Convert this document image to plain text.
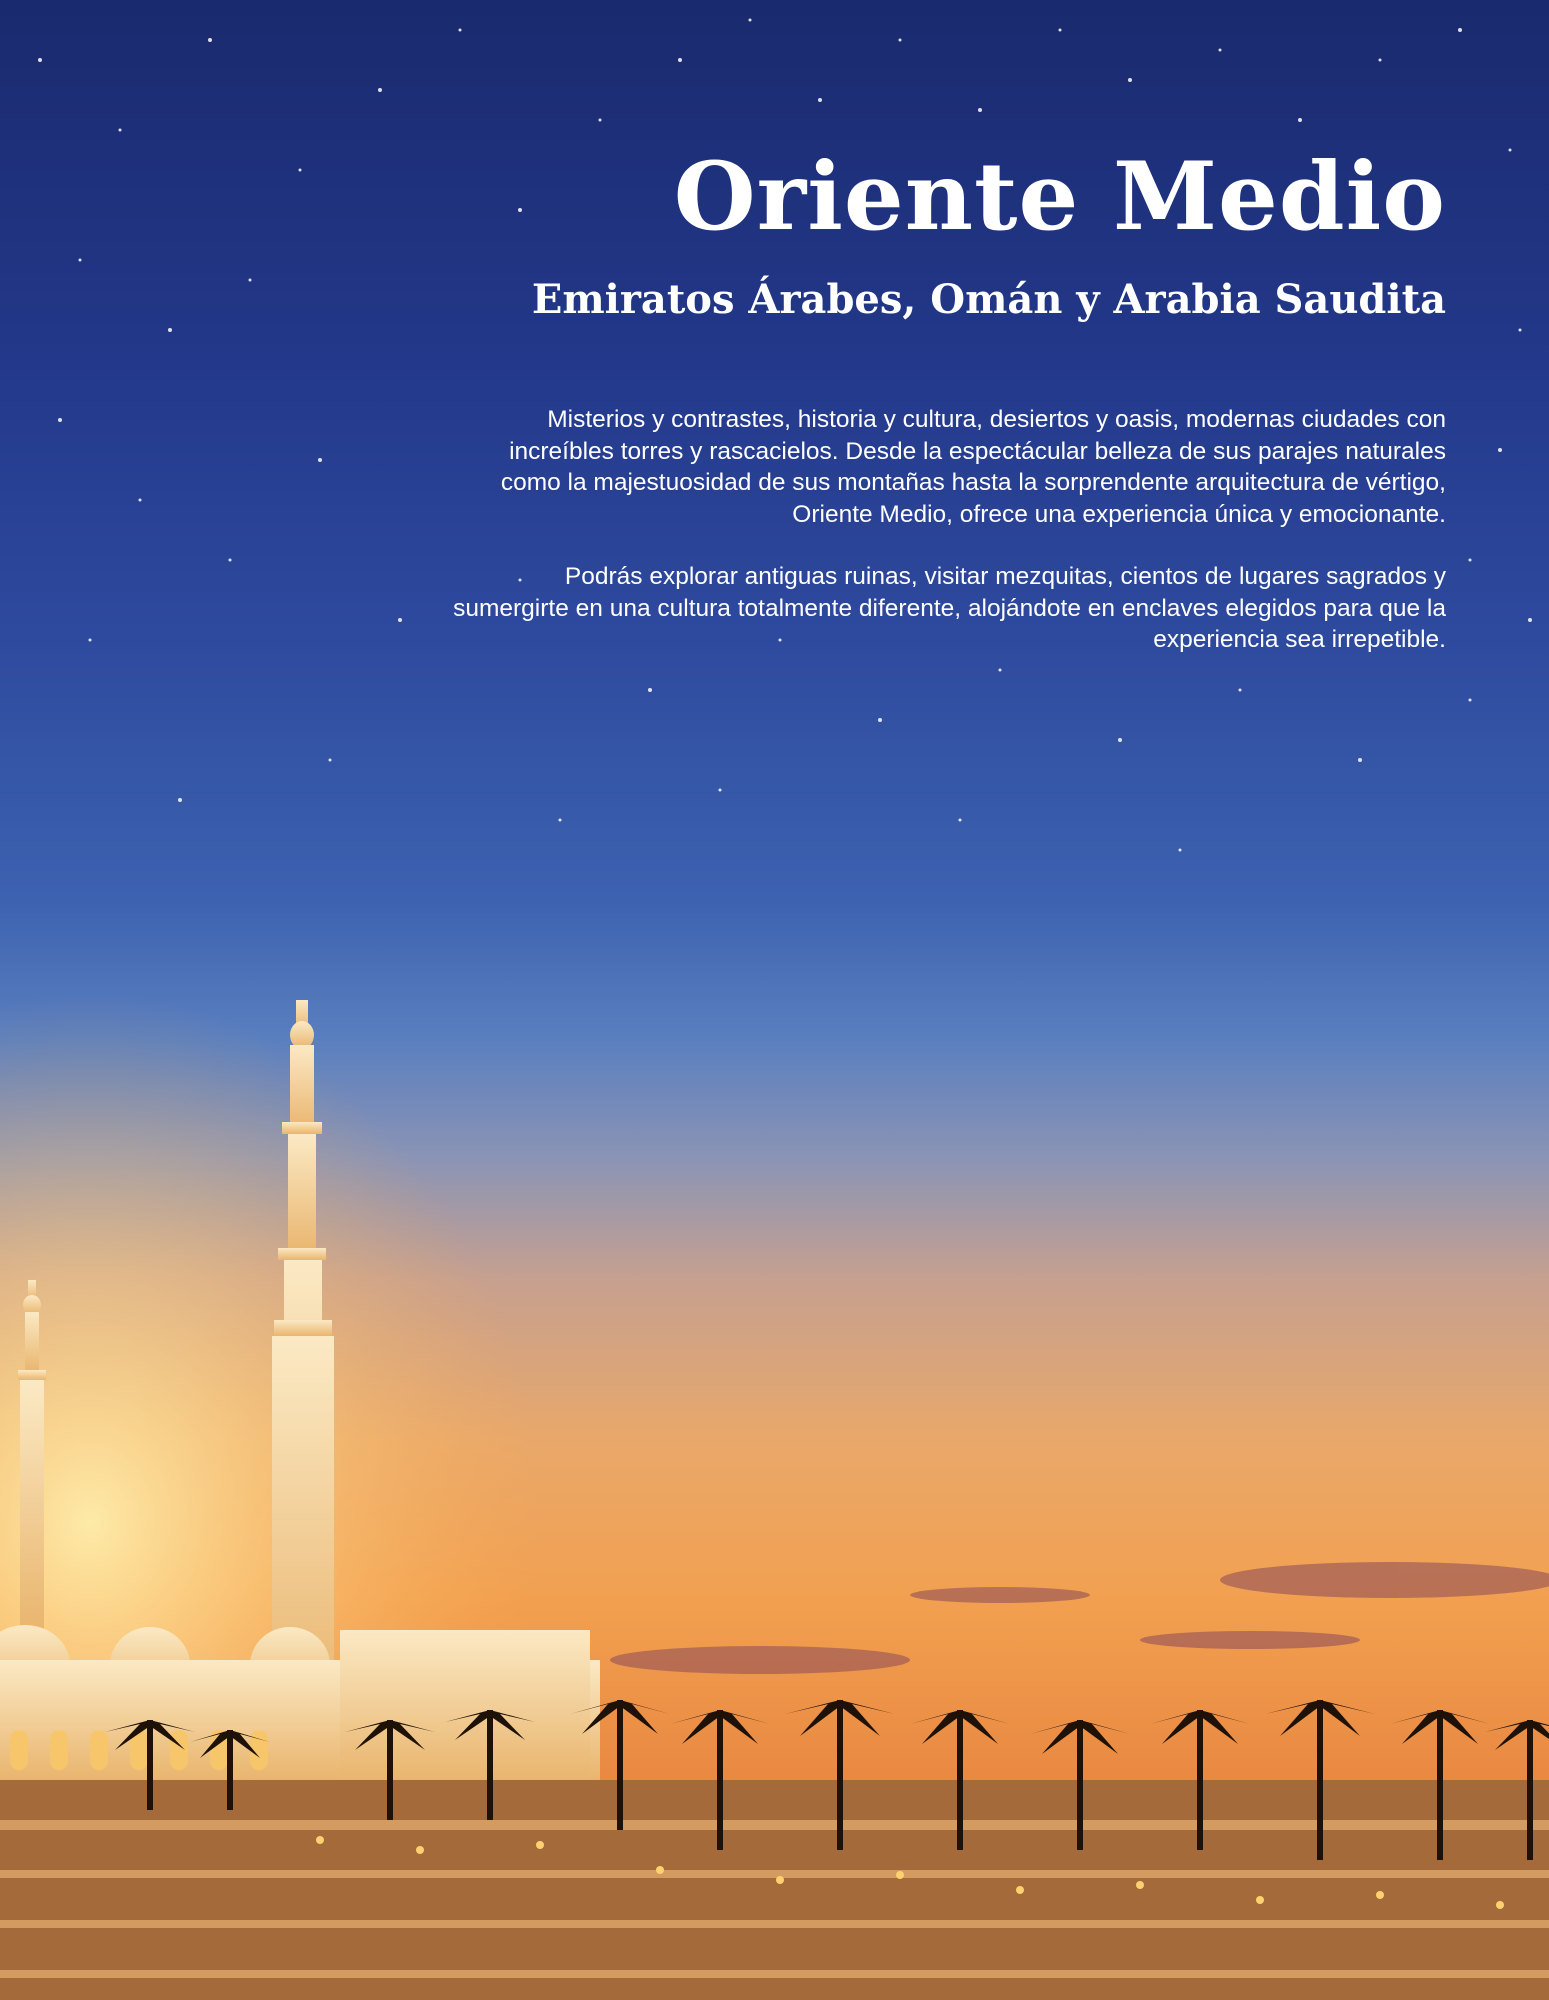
Oriente Medio
Emiratos Árabes, Omán y Arabia Saudita

Misterios y contrastes, historia y cultura, desiertos y oasis, modernas ciudades con increíbles torres y rascacielos. Desde la espectácular belleza de sus parajes naturales como la majestuosidad de sus montañas hasta la sorprendente arquitectura de vértigo, Oriente Medio, ofrece una experiencia única y emocionante.

Podrás explorar antiguas ruinas, visitar mezquitas, cientos de lugares sagrados y sumergirte en una cultura totalmente diferente, alojándote en enclaves elegidos para que la experiencia sea irrepetible.
